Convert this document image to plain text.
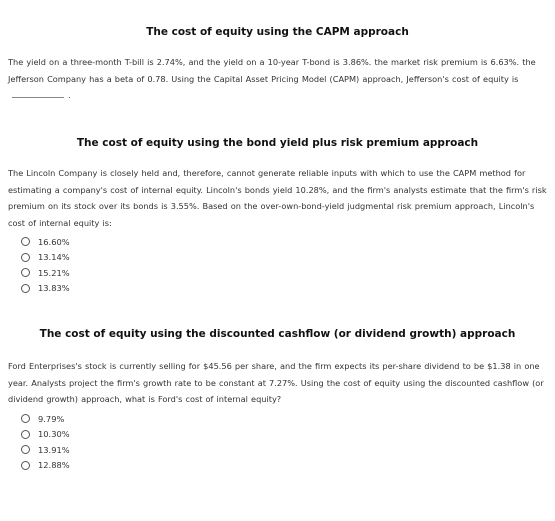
The cost of equity using the CAPM approach
The yield on a three-month T-bill is 2.74%, and the yield on a 10-year T-bond is 3.86%. the market risk premium is 6.63%. the Jefferson Company has a beta of 0.78. Using the Capital Asset Pricing Model (CAPM) approach, Jefferson's cost of equity is.
The cost of equity using the bond yield plus risk premium approach
The Lincoln Company is closely held and, therefore, cannot generate reliable inputs with which to use the CAPM method for estimating a company's cost of internal equity. Lincoln's bonds yield 10.28%, and the firm's analysts estimate that the firm's risk premium on its stock over its bonds is 3.55%. Based on the over-own-bond-yield judgmental risk premium approach, Lincoln's cost of internal equity is:
16.60%
13.14%
15.21%
13.83%
The cost of equity using the discounted cashflow (or dividend growth) approach
Ford Enterprises's stock is currently selling for $45.56 per share, and the firm expects its per-share dividend to be $1.38 in one year. Analysts project the firm's growth rate to be constant at 7.27%. Using the cost of equity using the discounted cashflow (or dividend growth) approach, what is Ford's cost of internal equity?
9.79%
10.30%
13.91%
12.88%
